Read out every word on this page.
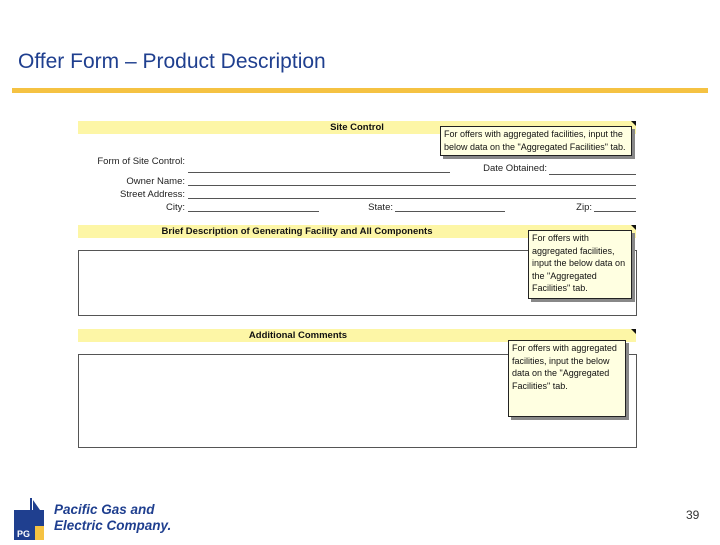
Offer Form – Product Description
Site Control
Form of Site Control:
Date Obtained:
Owner Name:
Street Address:
City:	State:	Zip:
For offers with aggregated facilities, input the below data on the "Aggregated Facilities" tab.
Brief Description of Generating Facility and All Components
For offers with aggregated facilities, input the below data on the "Aggregated Facilities" tab.
Additional Comments
For offers with aggregated facilities, input the below data on the "Aggregated Facilities" tab.
PG
Pacific Gas and
Electric Company.
39
